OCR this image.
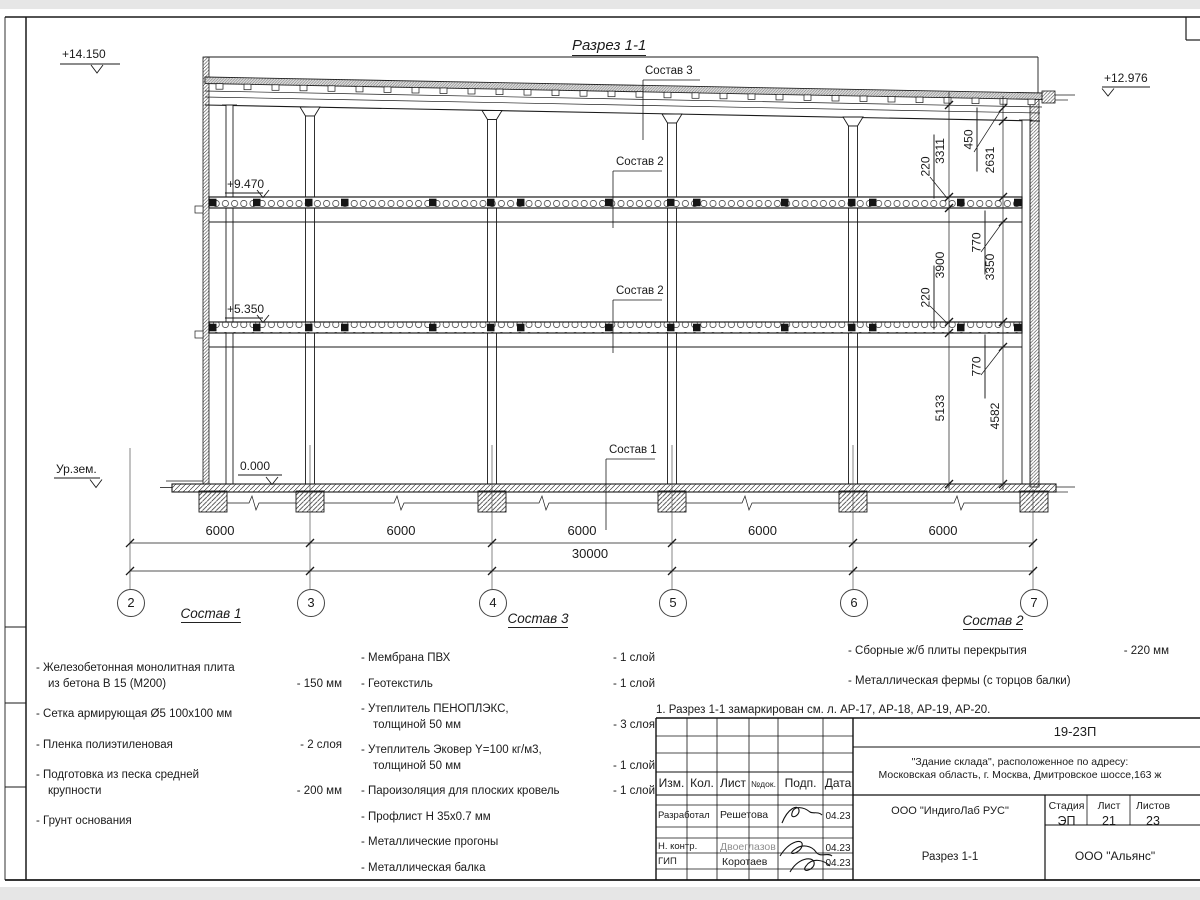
Разрез 1-1
+14.150
+12.976
+9.470
+5.350
0.000
Ур.зем.
Состав 3
Состав 2
Состав 2
Состав 1
1. Разрез 1-1 замаркирован см. л. АР-17, АР-18, АР-19, АР-20.
2	3	4	5	6	7
6000	6000	6000	6000	6000
30000
3311
220
450
2631
770
3900	3350
220
770
5133	4582
Состав 1
- Железобетонная монолитная плита
из бетона В 15 (М200)	- 150 мм
- Сетка армирующая Ø5 100х100 мм
- Пленка полиэтиленовая	- 2 слоя
- Подготовка из песка средней
крупности	- 200 мм
- Грунт основания
Состав 3
- Мембрана ПВХ	- 1 слой
- Геотекстиль	- 1 слой
- Утеплитель ПЕНОПЛЭКС,
толщиной 50 мм	- 3 слоя
- Утеплитель Эковер Y=100 кг/м3,
толщиной 50 мм	- 1 слой
- Пароизоляция для плоских кровель	- 1 слой
- Профлист Н 35х0.7 мм
- Металлические прогоны
- Металлическая балка
Состав 2
- Сборные ж/б плиты перекрытия	- 220 мм
- Металлическая фермы (с торцов балки)
Изм. Кол. Лист №док. Подп. Дата
Разработал Решетова	04.23
Н. контр. Двоеглазов	04.23
ГИП	Коротаев	04.23
19-23П
"Здание склада", расположенное по адресу:
Московская область, г. Москва, Дмитровское шоссе,163 ж
ООО "ИндигоЛаб РУС"	Стадия	Лист	Листов
ЭП	21	23
Разрез 1-1	ООО "Альянс"
